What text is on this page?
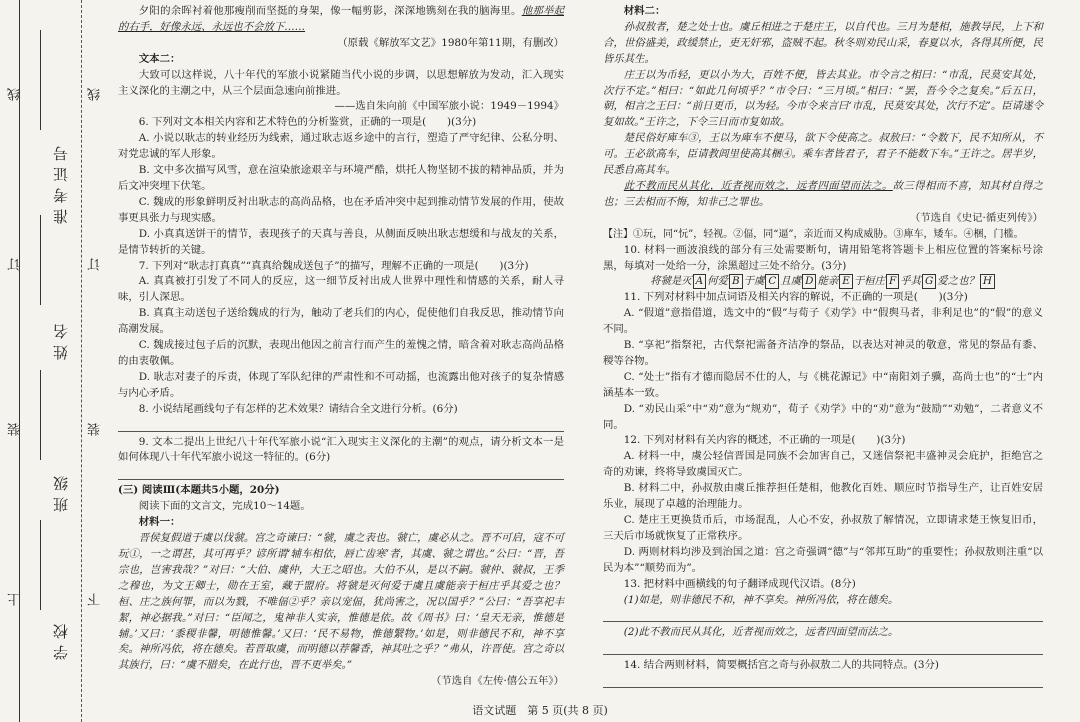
上
装
订
线
下
装
订
线
学校
班级
姓名
准考证号

夕阳的余晖衬着他那瘦削而坚挺的身架，像一幅剪影，深深地镌刻在我的脑海里。他那举起的右手，好像永远、永远也不会放下……

（原载《解放军文艺》1980年第11期，有删改）

文本二：

大致可以这样说，八十年代的军旅小说紧随当代小说的步调，以思想解放为发动，汇入现实主义深化的主潮之中，从三个层面急速向前推进。

——选自朱向前《中国军旅小说：1949－1994》

6. 下列对文本相关内容和艺术特色的分析鉴赏，正确的一项是(　　)(3分)

A. 小说以耿志的转业经历为线索，通过耿志返乡途中的言行，塑造了严守纪律、公私分明、对党忠诚的军人形象。

B. 文中多次描写风雪，意在渲染旅途艰辛与环境严酷，烘托人物坚韧不拔的精神品质，并为后文冲突埋下伏笔。

C. 魏成的形象鲜明反衬出耿志的高尚品格，也在矛盾冲突中起到推动情节发展的作用，使故事更具张力与现实感。

D. 小真真送饼干的情节，表现孩子的天真与善良，从侧面反映出耿志想缓和与战友的关系，是情节转折的关键。

7. 下列对“耿志打真真”“真真给魏成送包子”的描写，理解不正确的一项是(　　)(3分)

A. 真真被打引发了不同人的反应，这一细节反衬出成人世界中理性和情感的关系，耐人寻味，引人深思。

B. 真真主动送包子送给魏成的行为，触动了老兵们的内心，促使他们自我反思，推动情节向高潮发展。

C. 魏成接过包子后的沉默，表现出他因之前言行而产生的羞愧之情，暗含着对耿志高尚品格的由衷敬佩。

D. 耿志对妻子的斥责，体现了军队纪律的严肃性和不可动摇，也流露出他对孩子的复杂情感与内心矛盾。

8. 小说结尾画线句子有怎样的艺术效果？请结合全文进行分析。(6分)

9. 文本二提出上世纪八十年代军旅小说“汇入现实主义深化的主潮”的观点，请分析文本一是如何体现八十年代军旅小说这一特征的。(6分)

(三) 阅读Ⅲ(本题共5小题，20分)

阅读下面的文言文，完成10～14题。

材料一：

晋侯复假道于虞以伐虢。宫之奇谏曰：“虢，虞之表也。虢亡，虞必从之。晋不可启，寇不可玩①，一之谓甚，其可再乎？谚所谓‘辅车相依，唇亡齿寒’者，其虞、虢之谓也。”公曰：“晋，吾宗也，岂害我哉？”对曰：“大伯、虞仲，大王之昭也。大伯不从，是以不嗣。虢仲、虢叔，王季之穆也，为文王卿士，勋在王室，藏于盟府。将虢是灭何爱于虞且虞能亲于桓庄乎其爱之也？桓、庄之族何罪，而以为戮，不唯偪②乎？亲以宠偪，犹尚害之，况以国乎？”公曰：“吾享祀丰絜，神必据我。”对曰：“臣闻之，鬼神非人实亲，惟德是依。故《周书》曰：‘皇天无亲，惟德是辅。’又曰：‘黍稷非馨，明德惟馨。’又曰：‘民不易物，惟德繄物。’如是，则非德民不和，神不享矣。神所冯依，将在德矣。若晋取虞，而明德以荐馨香，神其吐之乎？”弗从，许晋使。宫之奇以其族行，曰：“虞不腊矣，在此行也，晋不更举矣。”

（节选自《左传·僖公五年》）

材料二：

孙叔敖者，楚之处士也。虞丘相进之于楚庄王，以自代也。三月为楚相，施教导民，上下和合，世俗盛美，政缓禁止，吏无奸邪，盗贼不起。秋冬则劝民山采，春夏以水，各得其所便，民皆乐其生。

庄王以为币轻，更以小为大，百姓不便，皆去其业。市令言之相曰：“市乱，民莫安其处，次行不定。”相曰：“如此几何顷乎？”市令曰：“三月顷。”相曰：“罢，吾今令之复矣。”后五日，朝，相言之王曰：“前日更币，以为轻。今市令来言曰‘市乱，民莫安其处，次行不定’。臣请遂令复如故。”王许之，下令三日而市复如故。

楚民俗好庳车③，王以为庳车不便马，欲下令使高之。叔敖曰：“令数下，民不知所从，不可。王必欲高车，臣请教闾里使高其梱④。乘车者皆君子，君子不能数下车。”王许之。居半岁，民悉自高其车。

此不教而民从其化，近者视而效之，远者四面望而法之。故三得相而不喜，知其材自得之也；三去相而不悔，知非己之罪也。

（节选自《史记·循吏列传》）

【注】①玩，同“忨”，轻视。②偪，同“逼”，亲近而又构成威胁。③庳车，矮车。④梱，门槛。

10. 材料一画波浪线的部分有三处需要断句，请用铅笔将答题卡上相应位置的答案标号涂黑，每填对一处给一分，涂黑超过三处不给分。(3分)

将虢是灭 A 何爱 B 于虞 C 且虞 D 能亲 E 于桓庄 F 乎其 G 爱之也？ H

11. 下列对材料中加点词语及相关内容的解说，不正确的一项是(　　)(3分)

A. “假道”意指借道，选文中的“假”与荀子《劝学》中“假舆马者，非利足也”的“假”的意义不同。

B. “享祀”指祭祀，古代祭祀需备齐洁净的祭品，以表达对神灵的敬意，常见的祭品有黍、稷等谷物。

C. “处士”指有才德而隐居不仕的人，与《桃花源记》中“南阳刘子骥，高尚士也”的“士”内涵基本一致。

D. “劝民山采”中“劝”意为“规劝”，荀子《劝学》中的“劝”意为“鼓励”“劝勉”，二者意义不同。

12. 下列对材料有关内容的概述，不正确的一项是(　　)(3分)

A. 材料一中，虞公轻信晋国是同族不会加害自己，又迷信祭祀丰盛神灵会庇护，拒绝宫之奇的劝谏，终将导致虞国灭亡。

B. 材料二中，孙叔敖由虞丘推荐担任楚相，他教化百姓、顺应时节指导生产，让百姓安居乐业，展现了卓越的治理能力。

C. 楚庄王更换货币后，市场混乱，人心不安，孙叔敖了解情况，立即请求楚王恢复旧币，三天后市场就恢复了正常秩序。

D. 两则材料均涉及到治国之道：宫之奇强调“德”与“邻邦互助”的重要性；孙叔敖则注重“以民为本”“顺势而为”。

13. 把材料中画横线的句子翻译成现代汉语。(8分)

(1)如是，则非德民不和，神不享矣。神所冯依，将在德矣。

(2)此不教而民从其化，近者视而效之，远者四面望而法之。

14. 结合两则材料，简要概括宫之奇与孙叔敖二人的共同特点。(3分)

语文试题　第 5 页(共 8 页)
